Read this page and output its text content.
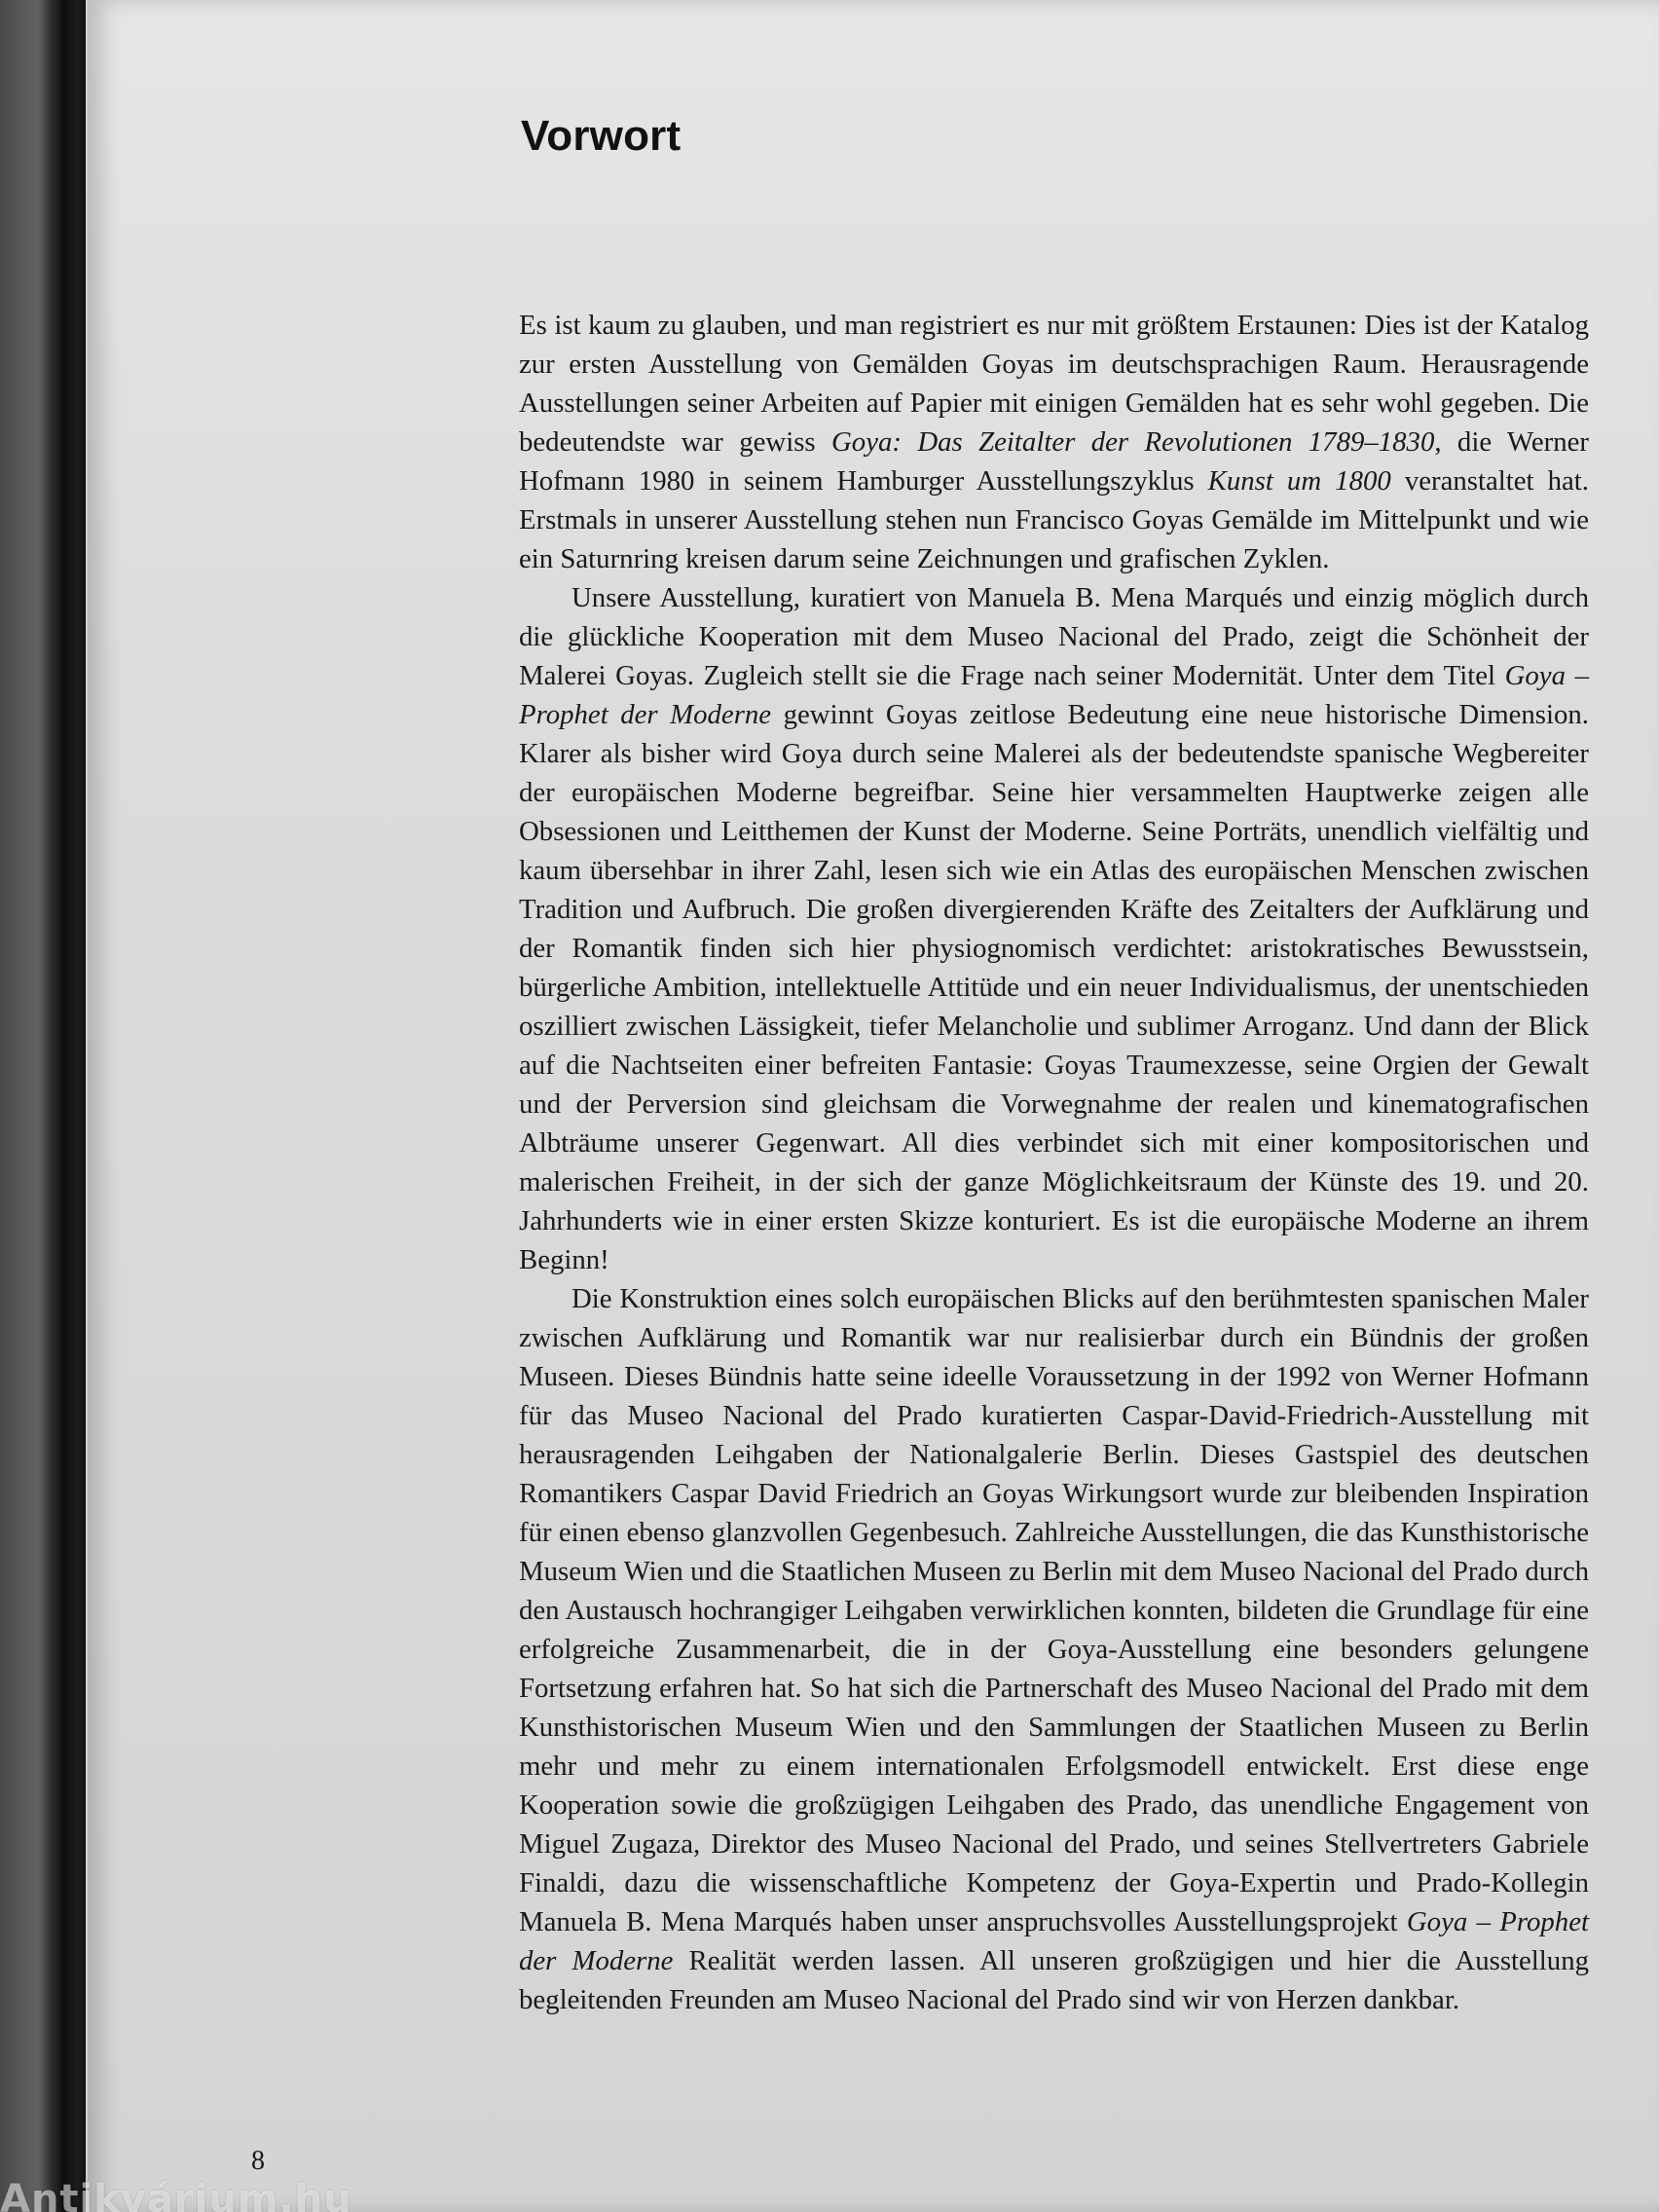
Vorwort

Es ist kaum zu glauben, und man registriert es nur mit größtem Erstaunen: Dies ist der Katalog zur ersten Ausstellung von Gemälden Goyas im deutschsprachigen Raum. Herausragende Ausstellungen seiner Arbeiten auf Papier mit einigen Gemälden hat es sehr wohl gegeben. Die bedeutendste war gewiss Goya: Das Zeitalter der Revolutionen 1789–1830, die Werner Hofmann 1980 in seinem Hamburger Ausstellungszyklus Kunst um 1800 veranstaltet hat. Erstmals in unserer Ausstellung stehen nun Francisco Goyas Gemälde im Mittelpunkt und wie ein Saturnring kreisen darum seine Zeichnungen und grafischen Zyklen.

Unsere Ausstellung, kuratiert von Manuela B. Mena Marqués und einzig möglich durch die glückliche Kooperation mit dem Museo Nacional del Prado, zeigt die Schönheit der Malerei Goyas. Zugleich stellt sie die Frage nach seiner Modernität. Unter dem Titel Goya – Prophet der Moderne gewinnt Goyas zeitlose Bedeutung eine neue historische Dimension. Klarer als bisher wird Goya durch seine Malerei als der bedeutendste spanische Wegbereiter der europäischen Moderne begreifbar. Seine hier versammelten Hauptwerke zeigen alle Obsessionen und Leitthemen der Kunst der Moderne. Seine Porträts, unendlich vielfältig und kaum übersehbar in ihrer Zahl, lesen sich wie ein Atlas des europäischen Menschen zwischen Tradition und Aufbruch. Die großen divergierenden Kräfte des Zeitalters der Aufklärung und der Romantik finden sich hier physiognomisch verdichtet: aristokratisches Bewusstsein, bürgerliche Ambition, intellektuelle Attitüde und ein neuer Individualismus, der unentschieden oszilliert zwischen Lässigkeit, tiefer Melancholie und sublimer Arroganz. Und dann der Blick auf die Nachtseiten einer befreiten Fantasie: Goyas Traumexzesse, seine Orgien der Gewalt und der Perversion sind gleichsam die Vorwegnahme der realen und kinematografischen Albträume unserer Gegenwart. All dies verbindet sich mit einer kompositorischen und malerischen Freiheit, in der sich der ganze Möglichkeitsraum der Künste des 19. und 20. Jahrhunderts wie in einer ersten Skizze konturiert. Es ist die europäische Moderne an ihrem Beginn!

Die Konstruktion eines solch europäischen Blicks auf den berühmtesten spanischen Maler zwischen Aufklärung und Romantik war nur realisierbar durch ein Bündnis der großen Museen. Dieses Bündnis hatte seine ideelle Voraussetzung in der 1992 von Werner Hofmann für das Museo Nacional del Prado kuratierten Caspar-David-Friedrich-Ausstellung mit herausragenden Leihgaben der Nationalgalerie Berlin. Dieses Gastspiel des deutschen Romantikers Caspar David Friedrich an Goyas Wirkungsort wurde zur bleibenden Inspiration für einen ebenso glanzvollen Gegenbesuch. Zahlreiche Ausstellungen, die das Kunsthistorische Museum Wien und die Staatlichen Museen zu Berlin mit dem Museo Nacional del Prado durch den Austausch hochrangiger Leihgaben verwirklichen konnten, bildeten die Grundlage für eine erfolgreiche Zusammenarbeit, die in der Goya-Ausstellung eine besonders gelungene Fortsetzung erfahren hat. So hat sich die Partnerschaft des Museo Nacional del Prado mit dem Kunsthistorischen Museum Wien und den Sammlungen der Staatlichen Museen zu Berlin mehr und mehr zu einem internationalen Erfolgsmodell entwickelt. Erst diese enge Kooperation sowie die großzügigen Leihgaben des Prado, das unendliche Engagement von Miguel Zugaza, Direktor des Museo Nacional del Prado, und seines Stellvertreters Gabriele Finaldi, dazu die wissenschaftliche Kompetenz der Goya-Expertin und Prado-Kollegin Manuela B. Mena Marqués haben unser anspruchsvolles Ausstellungsprojekt Goya – Prophet der Moderne Realität werden lassen. All unseren großzügigen und hier die Ausstellung begleitenden Freunden am Museo Nacional del Prado sind wir von Herzen dankbar.

8
Antikvárium.hu
